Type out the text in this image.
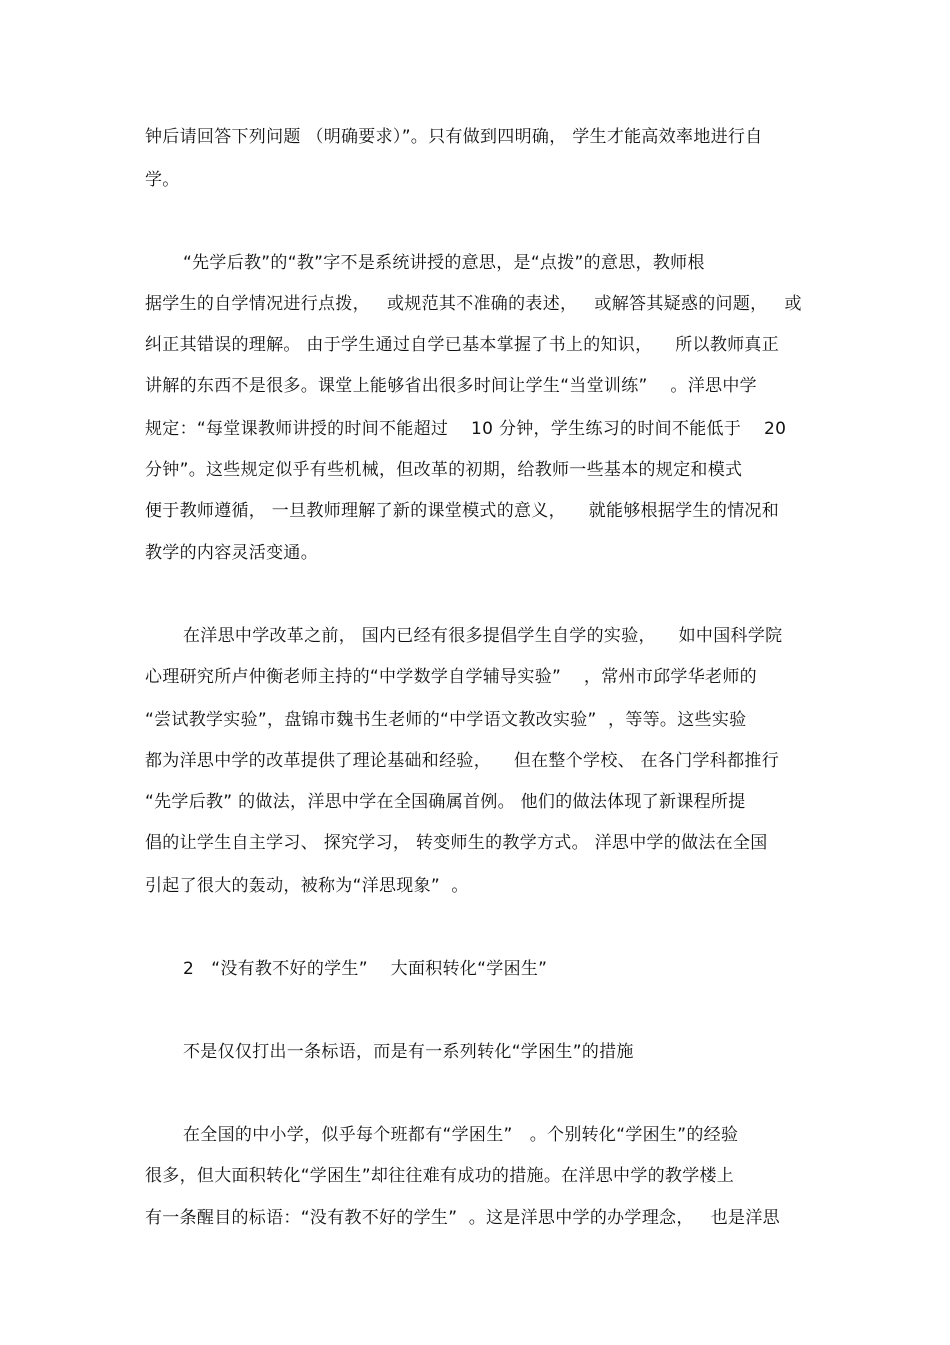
钟后请回答下列问题 （明确要求）”。只有做到四明确， 学生才能高效率地进行自
学。
“先学后教”的“教”字不是系统讲授的意思，是“点拨”的意思，教师根
据学生的自学情况进行点拨，   或规范其不准确的表述，   或解答其疑惑的问题，   或
纠正其错误的理解。 由于学生通过自学已基本掌握了书上的知识，    所以教师真正
讲解的东西不是很多。课堂上能够省出很多时间让学生“当堂训练”    。洋思中学
规定：“每堂课教师讲授的时间不能超过    10 分钟，学生练习的时间不能低于    20
分钟”。这些规定似乎有些机械，但改革的初期，给教师一些基本的规定和模式
便于教师遵循， 一旦教师理解了新的课堂模式的意义，    就能够根据学生的情况和
教学的内容灵活变通。
在洋思中学改革之前， 国内已经有很多提倡学生自学的实验，    如中国科学院
心理研究所卢仲衡老师主持的“中学数学自学辅导实验”    ，常州市邱学华老师的
“尝试教学实验”，盘锦市魏书生老师的“中学语文教改实验”  ，等等。这些实验
都为洋思中学的改革提供了理论基础和经验，    但在整个学校、 在各门学科都推行
“先学后教” 的做法，洋思中学在全国确属首例。 他们的做法体现了新课程所提
倡的让学生自主学习、 探究学习， 转变师生的教学方式。 洋思中学的做法在全国
引起了很大的轰动，被称为“洋思现象”  。
2   “没有教不好的学生”    大面积转化“学困生”
不是仅仅打出一条标语，而是有一系列转化“学困生”的措施
在全国的中小学，似乎每个班都有“学困生”   。个别转化“学困生”的经验
很多，但大面积转化“学困生”却往往难有成功的措施。在洋思中学的教学楼上
有一条醒目的标语：“没有教不好的学生”  。这是洋思中学的办学理念，   也是洋思
